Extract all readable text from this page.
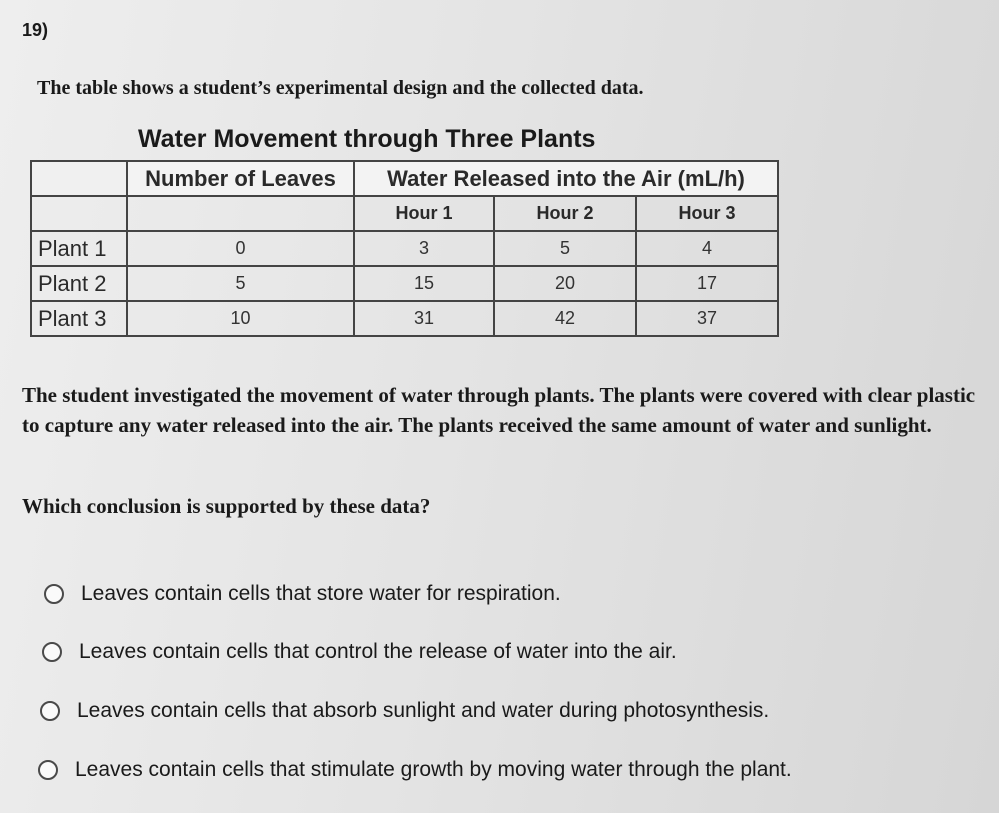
19)
The table shows a student’s experimental design and the collected data.
Water Movement through Three Plants
	Number of Leaves	Water Released into the Air (mL/h)		
		Hour 1	Hour 2	Hour 3
Plant 1	0	3	5	4
Plant 2	5	15	20	17
Plant 3	10	31	42	37
The student investigated the movement of water through plants. The plants were covered with clear plastic to capture any water released into the air. The plants received the same amount of water and sunlight.
Which conclusion is supported by these data?
Leaves contain cells that store water for respiration.
Leaves contain cells that control the release of water into the air.
Leaves contain cells that absorb sunlight and water during photosynthesis.
Leaves contain cells that stimulate growth by moving water through the plant.
